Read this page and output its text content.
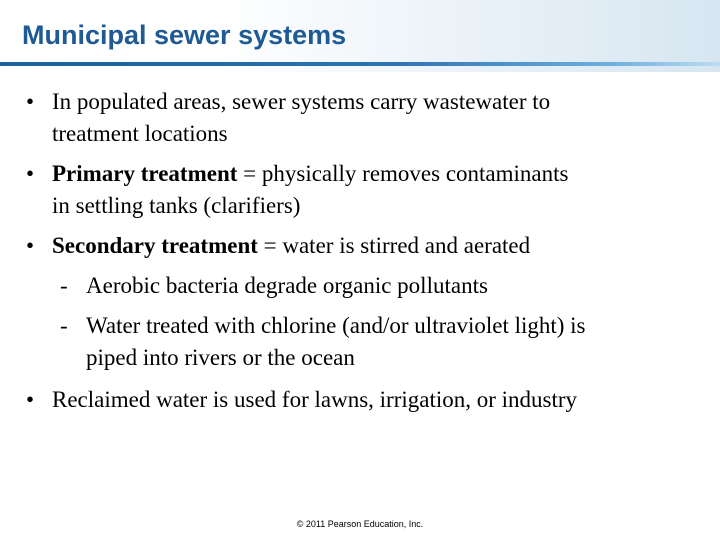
Municipal sewer systems
• In populated areas, sewer systems carry wastewater to
treatment locations
• Primary treatment = physically removes contaminants
in settling tanks (clarifiers)
• Secondary treatment = water is stirred and aerated
- Aerobic bacteria degrade organic pollutants
- Water treated with chlorine (and/or ultraviolet light) is
piped into rivers or the ocean
• Reclaimed water is used for lawns, irrigation, or industry
© 2011 Pearson Education, Inc.
